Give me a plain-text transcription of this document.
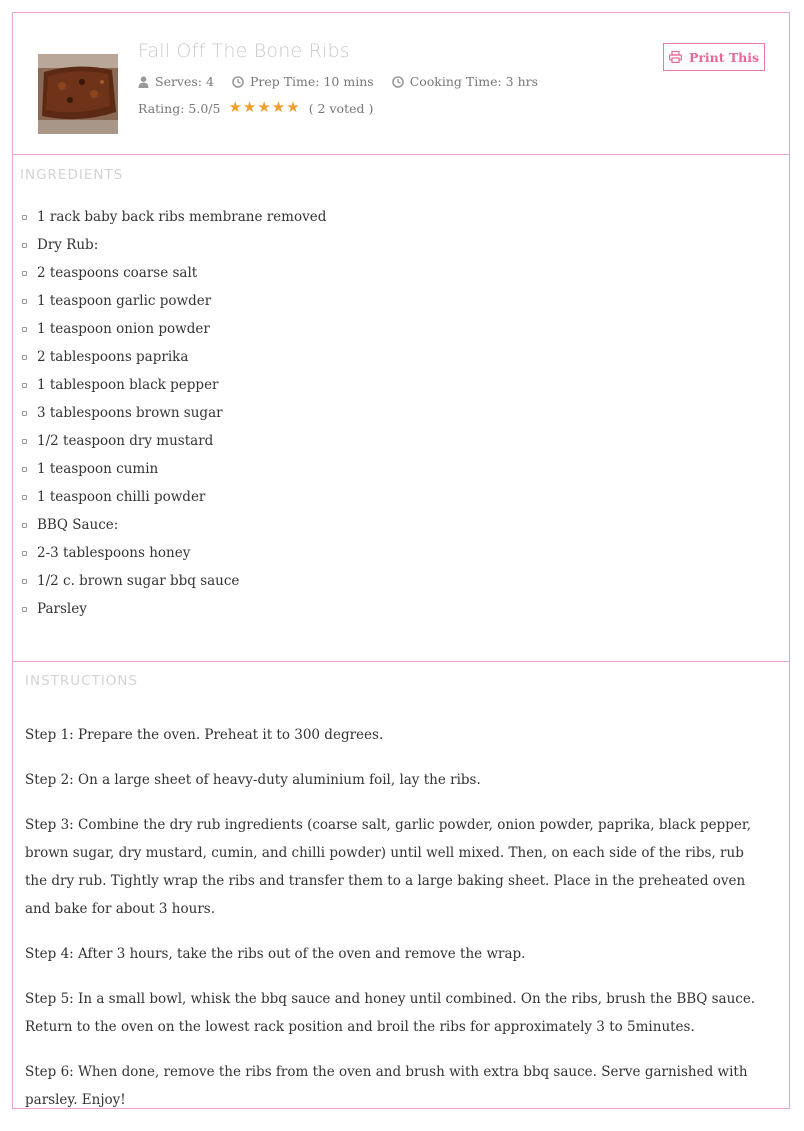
Fall Off The Bone Ribs
Serves: 4	Prep Time: 10 mins	Cooking Time: 3 hrs
Rating: 5.0/5 ★★★★★ ( 2 voted )
Print This
INGREDIENTS
1 rack baby back ribs membrane removed
Dry Rub:
2 teaspoons coarse salt
1 teaspoon garlic powder
1 teaspoon onion powder
2 tablespoons paprika
1 tablespoon black pepper
3 tablespoons brown sugar
1/2 teaspoon dry mustard
1 teaspoon cumin
1 teaspoon chilli powder
BBQ Sauce:
2-3 tablespoons honey
1/2 c. brown sugar bbq sauce
Parsley
INSTRUCTIONS

Step 1: Prepare the oven. Preheat it to 300 degrees.

Step 2: On a large sheet of heavy-duty aluminium foil, lay the ribs.

Step 3: Combine the dry rub ingredients (coarse salt, garlic powder, onion powder, paprika, black pepper, brown sugar, dry mustard, cumin, and chilli powder) until well mixed. Then, on each side of the ribs, rub the dry rub. Tightly wrap the ribs and transfer them to a large baking sheet. Place in the preheated oven and bake for about 3 hours.

Step 4: After 3 hours, take the ribs out of the oven and remove the wrap.

Step 5: In a small bowl, whisk the bbq sauce and honey until combined. On the ribs, brush the BBQ sauce. Return to the oven on the lowest rack position and broil the ribs for approximately 3 to 5minutes.

Step 6: When done, remove the ribs from the oven and brush with extra bbq sauce. Serve garnished with parsley. Enjoy!
